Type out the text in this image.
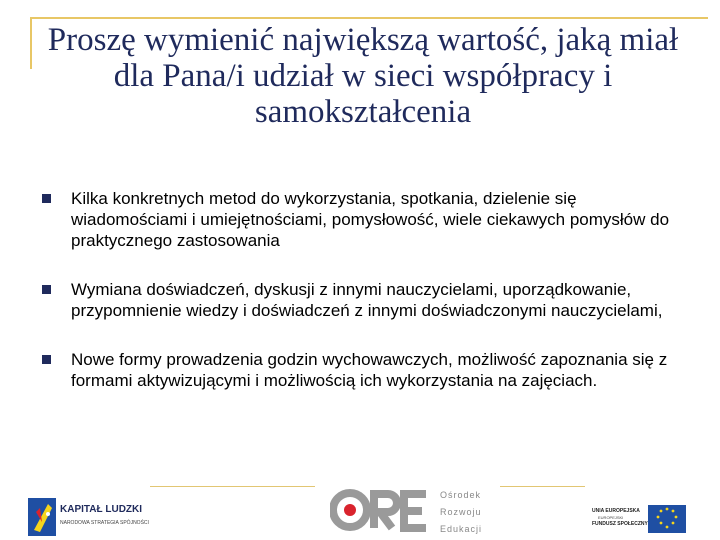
Proszę wymienić największą wartość, jaką miał dla Pana/i udział w sieci współpracy i samokształcenia
Kilka konkretnych metod do wykorzystania, spotkania, dzielenie się wiadomościami i umiejętnościami, pomysłowość, wiele ciekawych pomysłów do praktycznego zastosowania
Wymiana doświadczeń, dyskusji z innymi nauczycielami, uporządkowanie, przypomnienie wiedzy i doświadczeń z innymi doświadczonymi nauczycielami,
Nowe formy prowadzenia godzin wychowawczych, możliwość zapoznania się z formami aktywizującymi i możliwością ich wykorzystania na zajęciach.
KAPITAŁ LUDZKI
NARODOWA STRATEGIA SPÓJNOŚCI
Ośrodek
Rozwoju
Edukacji
UNIA EUROPEJSKA
EUROPEJSKI
FUNDUSZ SPOŁECZNY
